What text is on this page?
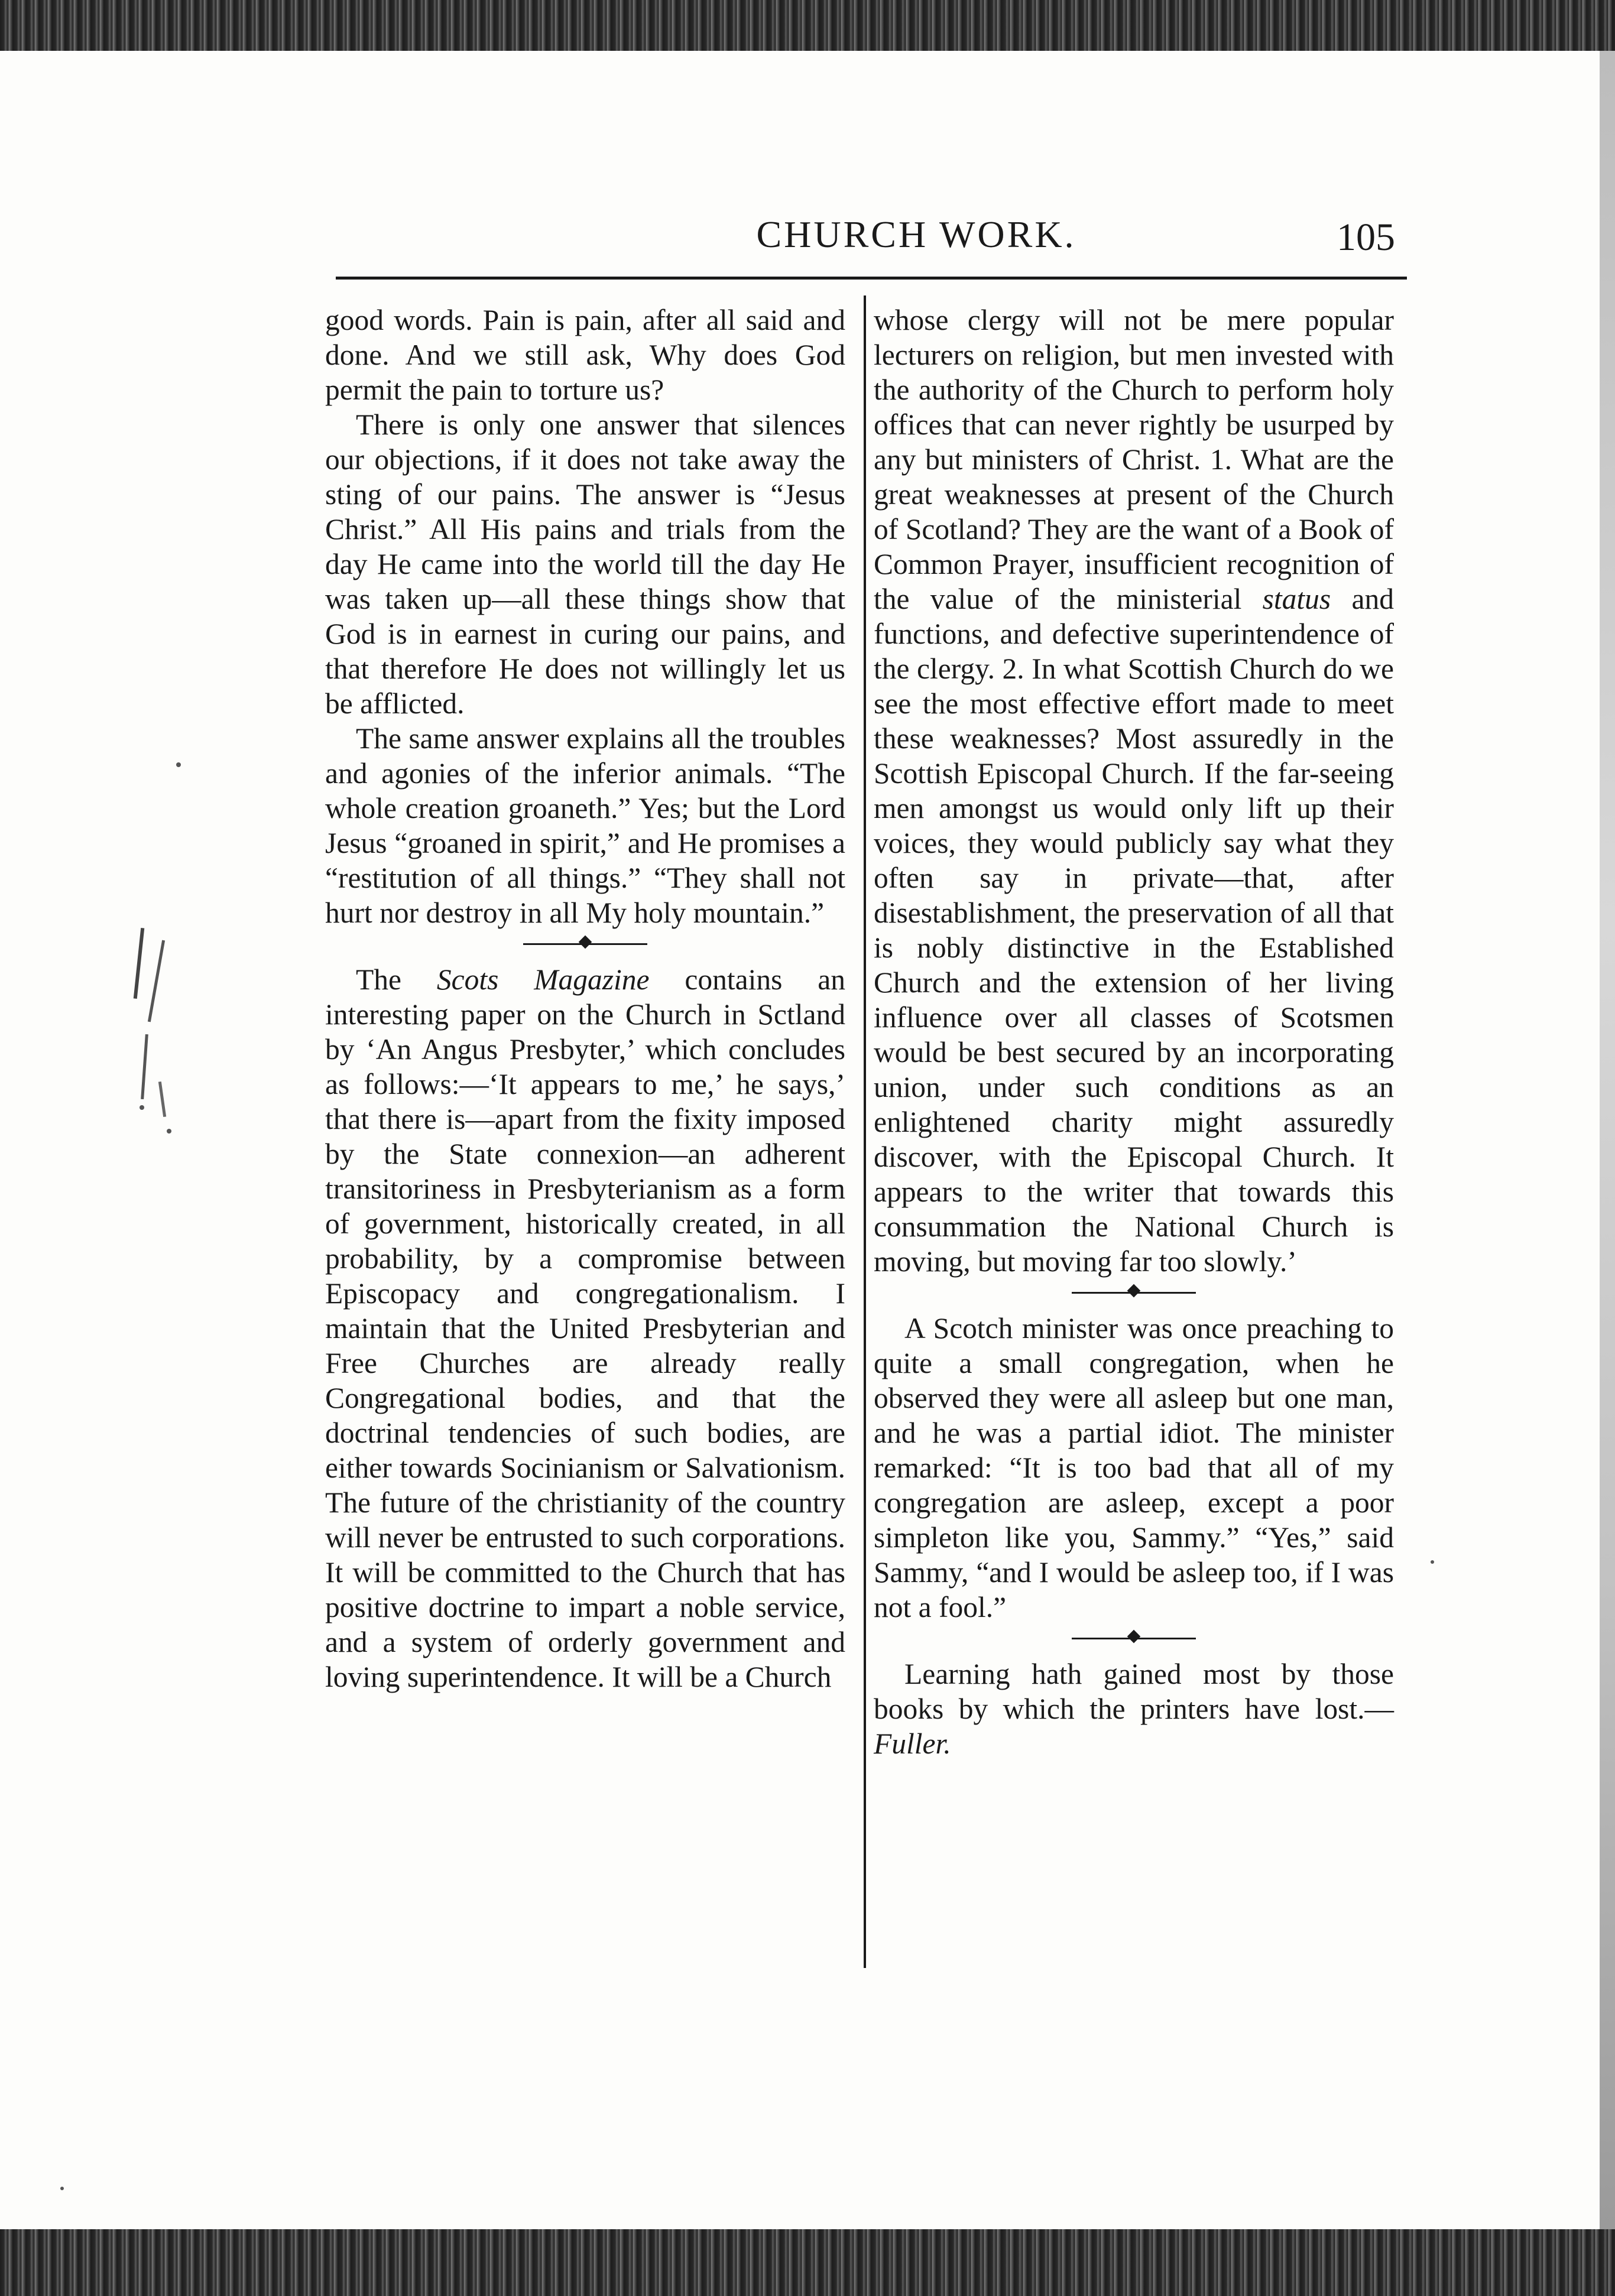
CHURCH WORK.	105

good words. Pain is pain, after all said and done. And we still ask, Why does God permit the pain to torture us?

There is only one answer that silences our objections, if it does not take away the sting of our pains. The answer is “Jesus Christ.” All His pains and trials from the day He came into the world till the day He was taken up—all these things show that God is in earnest in curing our pains, and that therefore He does not willingly let us be afflicted.

The same answer explains all the troubles and agonies of the inferior animals. “The whole creation groaneth.” Yes; but the Lord Jesus “groaned in spirit,” and He promises a “restitution of all things.” “They shall not hurt nor destroy in all My holy mountain.”

The Scots Magazine contains an interesting paper on the Church in Sctland by ‘An Angus Presbyter,’ which concludes as follows:—‘It appears to me,’ he says,’ that there is—apart from the fixity imposed by the State connexion—an adherent transitoriness in Presbyterianism as a form of government, historically created, in all probability, by a compromise between Episcopacy and congregationalism. I maintain that the United Presbyterian and Free Churches are already really Congregational bodies, and that the doctrinal tendencies of such bodies, are either towards Socinianism or Salvationism. The future of the christianity of the country will never be entrusted to such corporations. It will be committed to the Church that has positive doctrine to impart a noble service, and a system of orderly government and loving superintendence. It will be a Church

whose clergy will not be mere popular lecturers on religion, but men invested with the authority of the Church to perform holy offices that can never rightly be usurped by any but ministers of Christ. 1. What are the great weaknesses at present of the Church of Scotland? They are the want of a Book of Common Prayer, insufficient recognition of the value of the ministerial status and functions, and defective superintendence of the clergy. 2. In what Scottish Church do we see the most effective effort made to meet these weaknesses? Most assuredly in the Scottish Episcopal Church. If the far-seeing men amongst us would only lift up their voices, they would publicly say what they often say in private—that, after disestablishment, the preservation of all that is nobly distinctive in the Established Church and the extension of her living influence over all classes of Scotsmen would be best secured by an incorporating union, under such conditions as an enlightened charity might assuredly discover, with the Episcopal Church. It appears to the writer that towards this consummation the National Church is moving, but moving far too slowly.’

A Scotch minister was once preaching to quite a small congregation, when he observed they were all asleep but one man, and he was a partial idiot. The minister remarked: “It is too bad that all of my congregation are asleep, except a poor simpleton like you, Sammy.” “Yes,” said Sammy, “and I would be asleep too, if I was not a fool.”

Learning hath gained most by those books by which the printers have lost.—Fuller.
